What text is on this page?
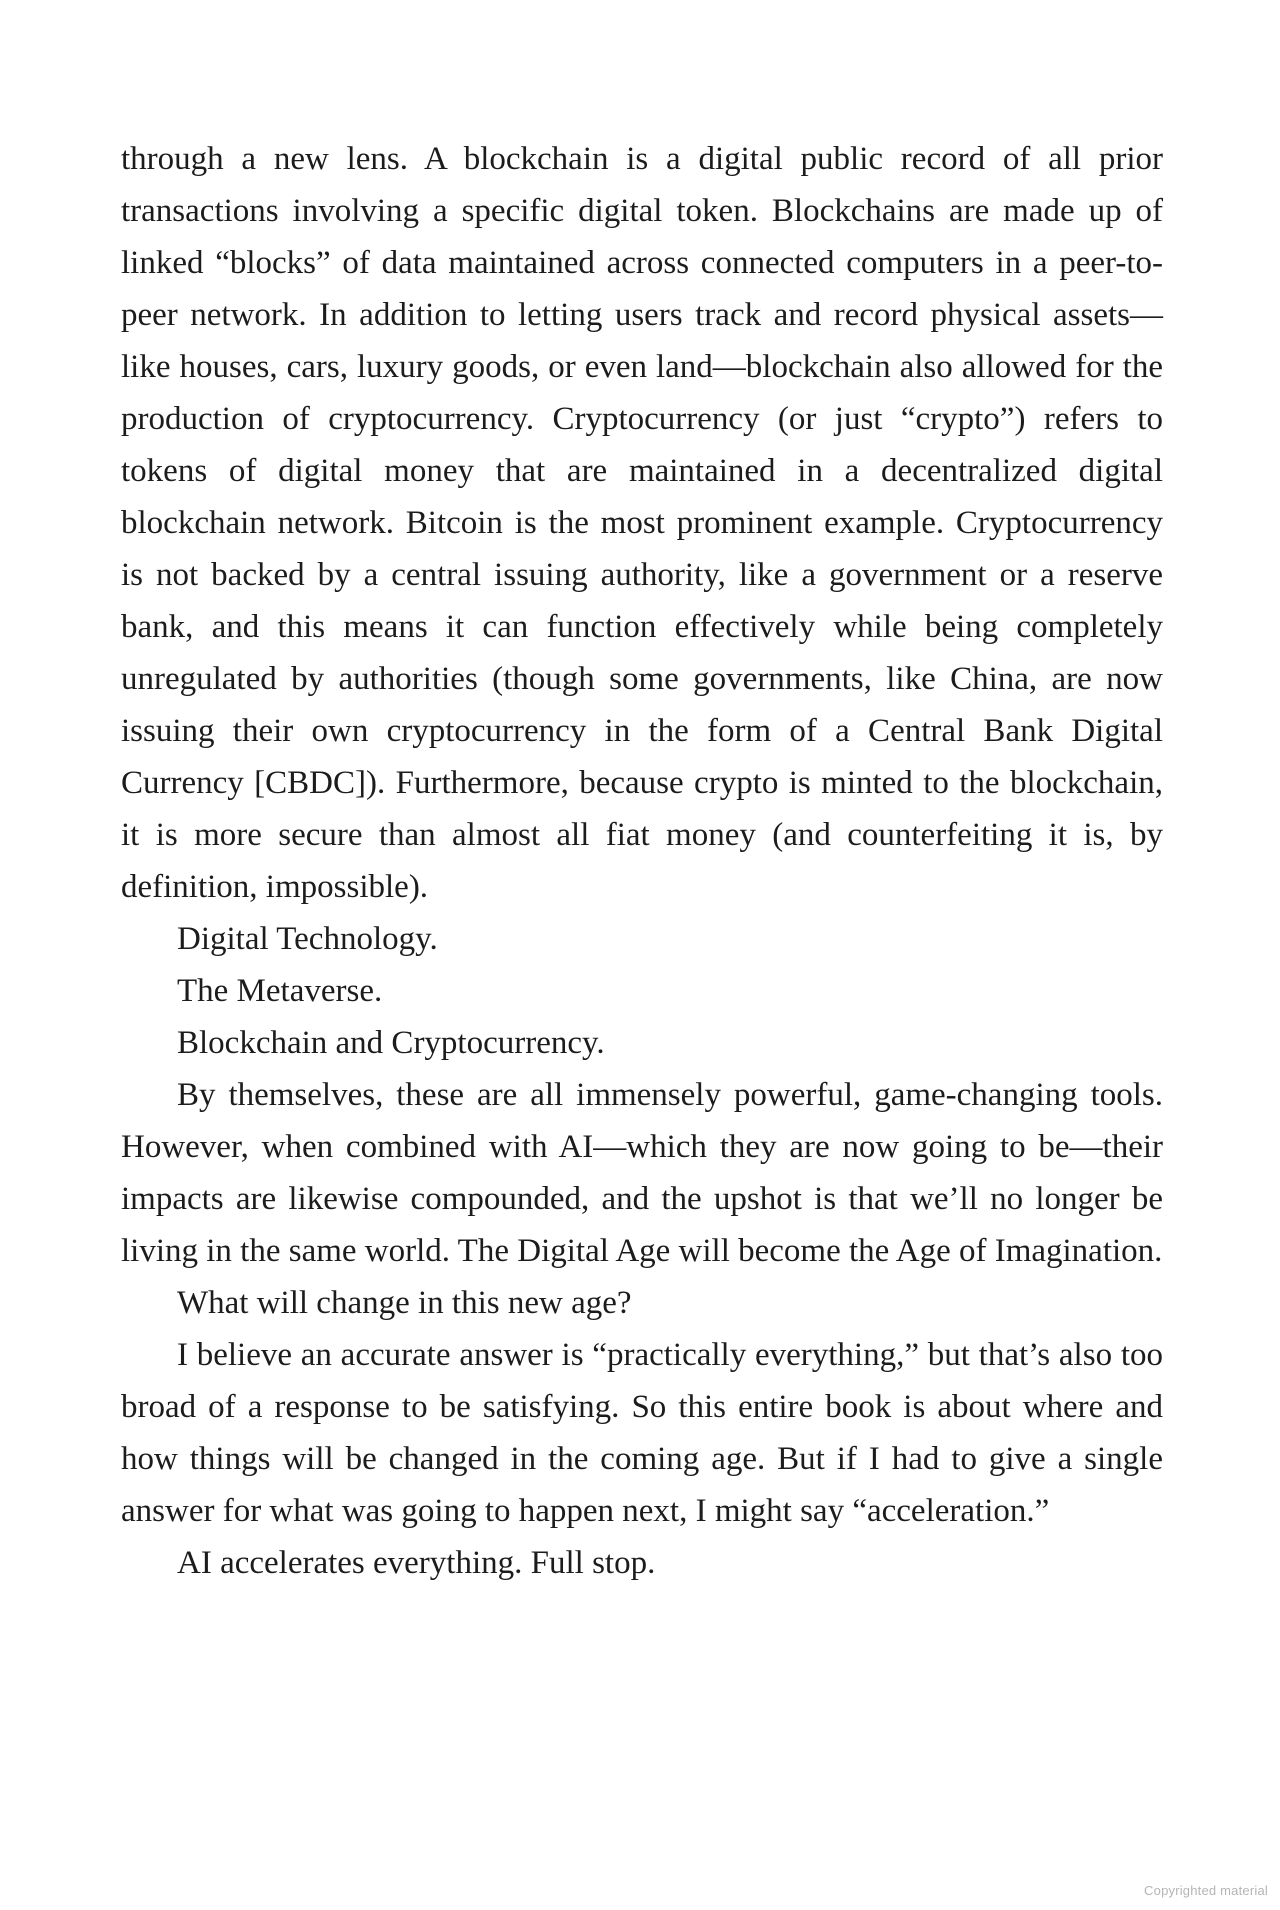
through a new lens. A blockchain is a digital public record of all prior transactions involving a specific digital token. Blockchains are made up of linked “blocks” of data maintained across connected computers in a peer-to-peer network. In addition to letting users track and record physical assets—like houses, cars, luxury goods, or even land—blockchain also allowed for the production of cryptocurrency. Cryptocurrency (or just “crypto”) refers to tokens of digital money that are maintained in a decentralized digital blockchain network. Bitcoin is the most prominent example. Cryptocurrency is not backed by a central issuing authority, like a government or a reserve bank, and this means it can function effectively while being completely unregulated by authorities (though some governments, like China, are now issuing their own cryptocurrency in the form of a Central Bank Digital Currency [CBDC]). Furthermore, because crypto is minted to the blockchain, it is more secure than almost all fiat money (and counterfeiting it is, by definition, impossible).

Digital Technology.

The Metaverse.

Blockchain and Cryptocurrency.

By themselves, these are all immensely powerful, game-changing tools. However, when combined with AI—which they are now going to be—their impacts are likewise compounded, and the upshot is that we’ll no longer be living in the same world. The Digital Age will become the Age of Imagination.

What will change in this new age?

I believe an accurate answer is “practically everything,” but that’s also too broad of a response to be satisfying. So this entire book is about where and how things will be changed in the coming age. But if I had to give a single answer for what was going to happen next, I might say “acceleration.”

AI accelerates everything. Full stop.

Copyrighted material
